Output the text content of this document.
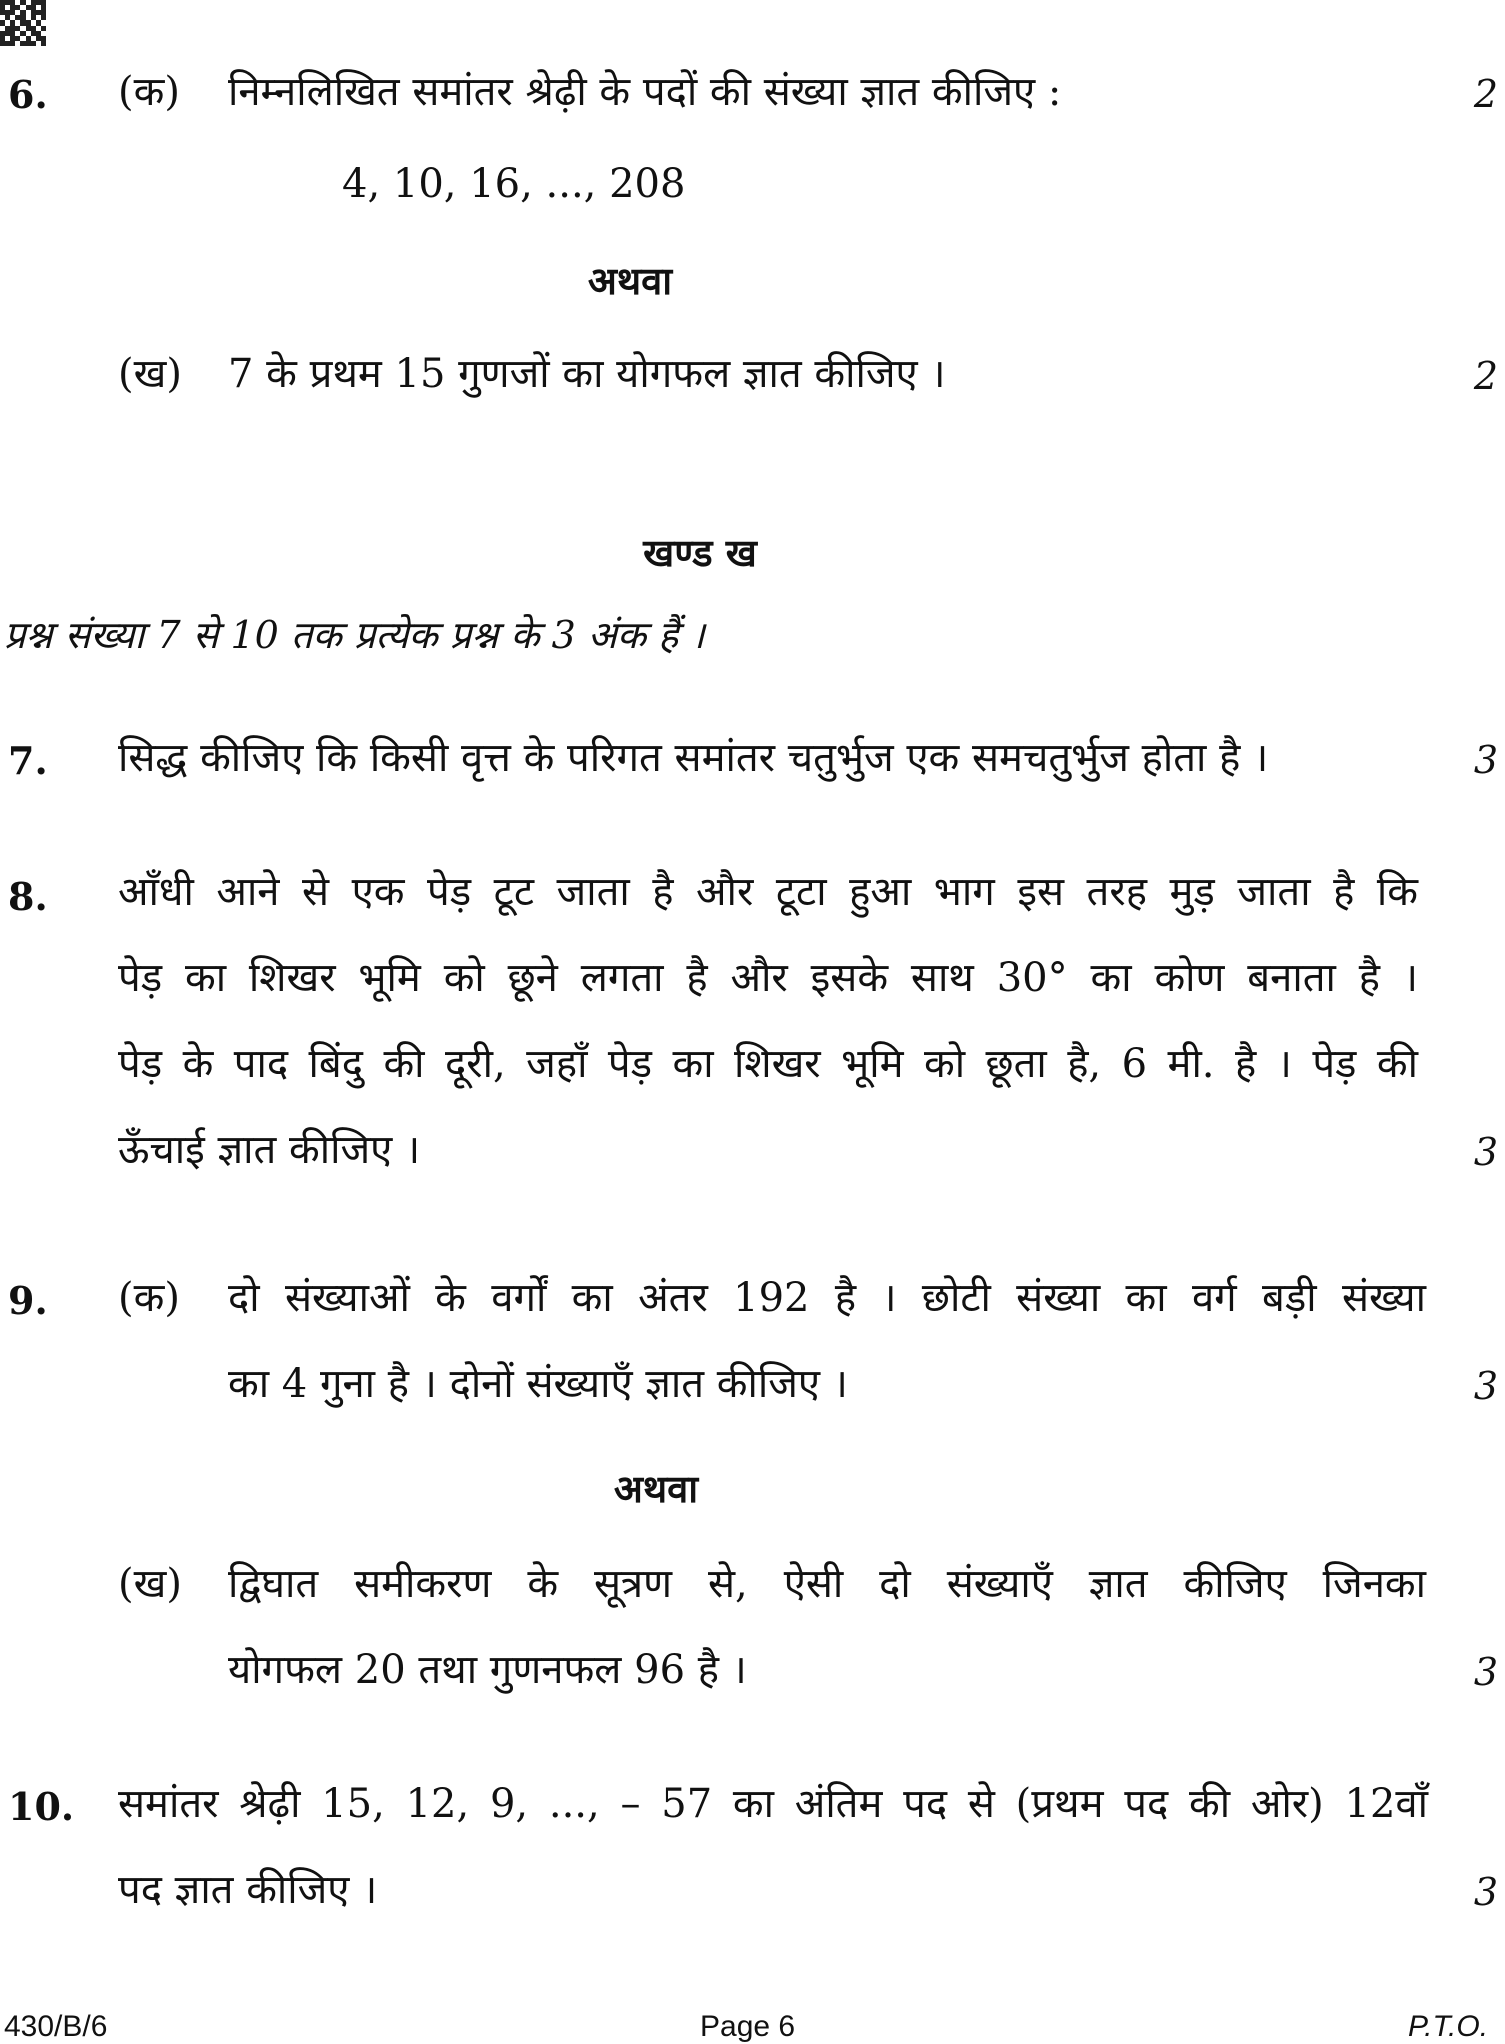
6. (क) निम्नलिखित समांतर श्रेढ़ी के पदों की संख्या ज्ञात कीजिए :	2
4, 10, 16, ..., 208
अथवा
(ख) 7 के प्रथम 15 गुणजों का योगफल ज्ञात कीजिए ।	2
खण्ड ख
प्रश्न संख्या 7 से 10 तक प्रत्येक प्रश्न के 3 अंक हैं ।
7. सिद्ध कीजिए कि किसी वृत्त के परिगत समांतर चतुर्भुज एक समचतुर्भुज होता है ।	3
8. आँधी आने से एक पेड़ टूट जाता है और टूटा हुआ भाग इस तरह मुड़ जाता है कि
पेड़ का शिखर भूमि को छूने लगता है और इसके साथ 30° का कोण बनाता है ।
पेड़ के पाद बिंदु की दूरी, जहाँ पेड़ का शिखर भूमि को छूता है, 6 मी. है । पेड़ की
ऊँचाई ज्ञात कीजिए ।	3
9. (क) दो संख्याओं के वर्गों का अंतर 192 है । छोटी संख्या का वर्ग बड़ी संख्या
का 4 गुना है । दोनों संख्याएँ ज्ञात कीजिए ।	3
अथवा
(ख) द्विघात समीकरण के सूत्रण से, ऐसी दो संख्याएँ ज्ञात कीजिए जिनका
योगफल 20 तथा गुणनफल 96 है ।	3
10. समांतर श्रेढ़ी 15, 12, 9, ..., – 57 का अंतिम पद से (प्रथम पद की ओर) 12वाँ
पद ज्ञात कीजिए ।	3
430/B/6	Page 6	P.T.O.
